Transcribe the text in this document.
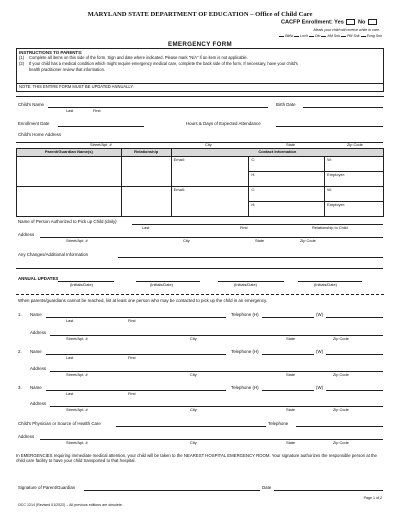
MARYLAND STATE DEPARTMENT OF EDUCATION – Office of Child Care
CACFP Enrollment: Yes	No
Meals your child will receive while in care.
Bkfst Lnch Din AM Snk PM Snk Evng Snk
EMERGENCY FORM
INSTRUCTIONS TO PARENTS:
(1) Complete all items on this side of the form. Sign and date where indicated. Please mark "N/A" if an item is not applicable.
(2) If your child has a medical condition which might require emergency medical care, complete the back side of the form. If necessary, have your child's
health practitioner review that information.
NOTE: THIS ENTIRE FORM MUST BE UPDATED ANNUALLY.
Child's Name
Last	First
Birth Date
Enrollment Date	Hours & Days of Expected Attendance
Child's Home Address
Street/Apt. #	City	State	Zip Code
Parent/Guardian Name(s)	Relationship	Contact Information		
		Email:	C:	W:
			H:	Employer:
		Email:	C:	W:
			H:	Employer:
Name of Person Authorized to Pick up Child (daily)
Last	First	Relationship to Child
Address
Street/Apt. #	City	State	Zip Code
Any Changes/Additional Information
ANNUAL UPDATES
(Initials/Date)	(Initials/Date)	(Initials/Date)	(Initials/Date)
When parents/guardians cannot be reached, list at least one person who may be contacted to pick up the child in an emergency.
1. Name
Last	First
Telephone (H)	(W)
Address
Street/Apt. #	City	State	Zip Code
2. Name
Last	First
Telephone (H)	(W)
Address
Street/Apt. #	City	State	Zip Code
3. Name
Last	First
Telephone (H)	(W)
Address
Street/Apt. #	City	State	Zip Code
Child's Physician or Source of Health Care	Telephone
Address
Street/Apt. #	City	State	Zip Code
In EMERGENCIES requiring immediate medical attention, your child will be taken to the NEAREST HOSPITAL EMERGENCY ROOM. Your signature authorizes the responsible person at the child care facility to have your child transported to that hospital.
Signature of Parent/Guardian	Date
OCC 1214 (Revised 01/2022) – All previous editions are obsolete.
Page 1 of 2
